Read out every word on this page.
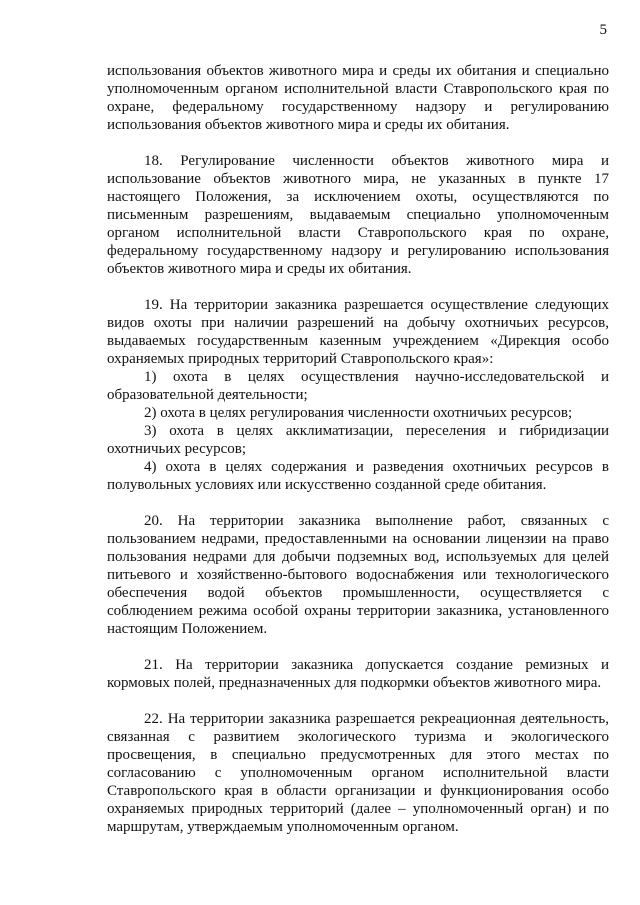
5

использования объектов животного мира и среды их обитания и специально уполномоченным органом исполнительной власти Ставропольского края по охране, федеральному государственному надзору и регулированию использования объектов животного мира и среды их обитания.

18. Регулирование численности объектов животного мира и использование объектов животного мира, не указанных в пункте 17 настоящего Положения, за исключением охоты, осуществляются по письменным разрешениям, выдаваемым специально уполномоченным органом исполнительной власти Ставропольского края по охране, федеральному государственному надзору и регулированию использования объектов животного мира и среды их обитания.

19. На территории заказника разрешается осуществление следующих видов охоты при наличии разрешений на добычу охотничьих ресурсов, выдаваемых государственным казенным учреждением «Дирекция особо охраняемых природных территорий Ставропольского края»:

1) охота в целях осуществления научно-исследовательской и образовательной деятельности;

2) охота в целях регулирования численности охотничьих ресурсов;

3) охота в целях акклиматизации, переселения и гибридизации охотничьих ресурсов;

4) охота в целях содержания и разведения охотничьих ресурсов в полувольных условиях или искусственно созданной среде обитания.

20. На территории заказника выполнение работ, связанных с пользованием недрами, предоставленными на основании лицензии на право пользования недрами для добычи подземных вод, используемых для целей питьевого и хозяйственно-бытового водоснабжения или технологического обеспечения водой объектов промышленности, осуществляется с соблюдением режима особой охраны территории заказника, установленного настоящим Положением.

21. На территории заказника допускается создание ремизных и кормовых полей, предназначенных для подкормки объектов животного мира.

22. На территории заказника разрешается рекреационная деятельность, связанная с развитием экологического туризма и экологического просвещения, в специально предусмотренных для этого местах по согласованию с уполномоченным органом исполнительной власти Ставропольского края в области организации и функционирования особо охраняемых природных территорий (далее – уполномоченный орган) и по маршрутам, утверждаемым уполномоченным органом.
